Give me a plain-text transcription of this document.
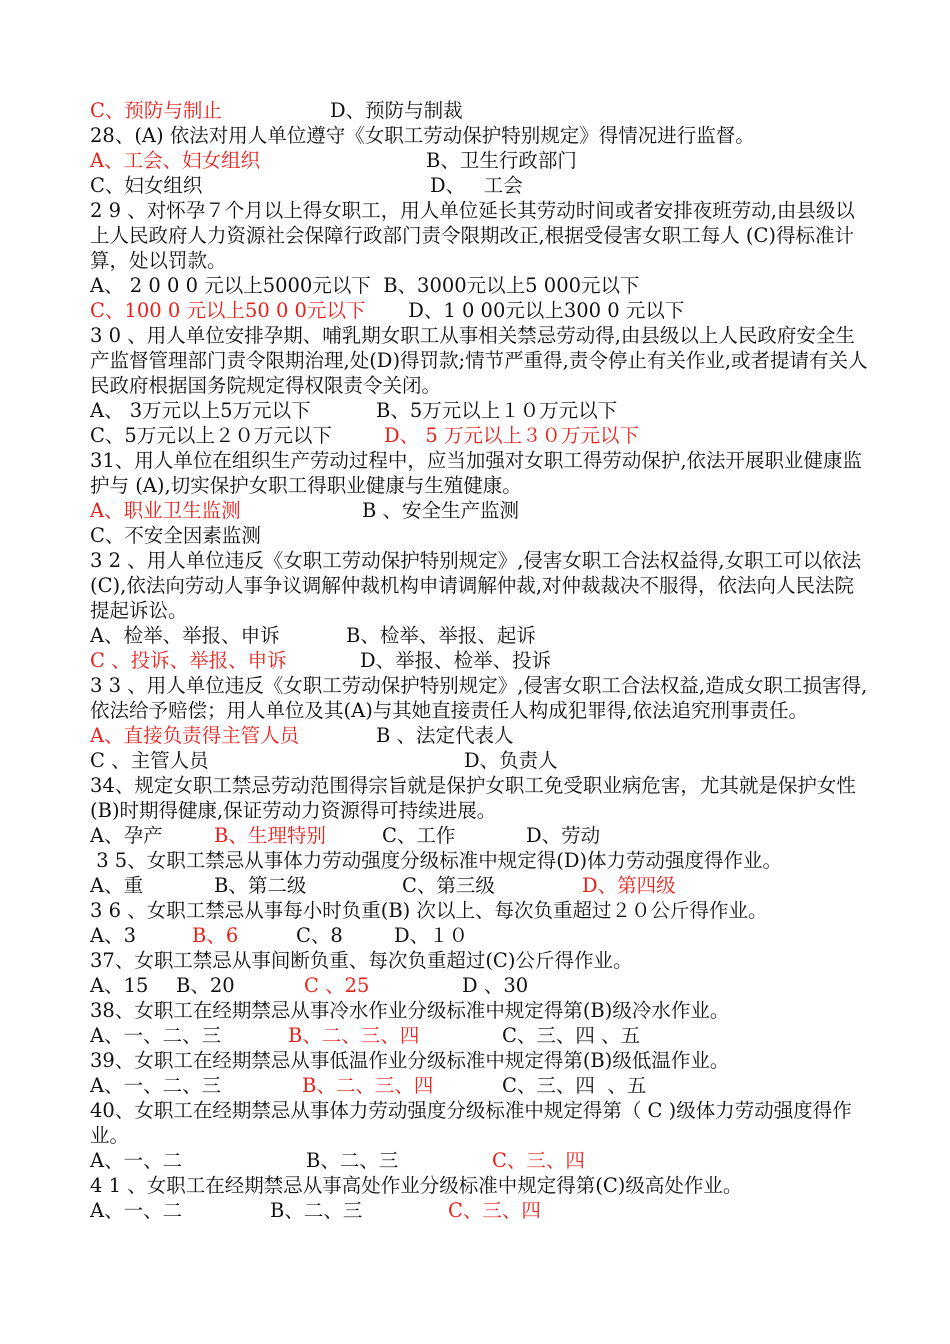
C、预防与制止

	D、预防与制裁

28、(A) 依法对用人单位遵守《女职工劳动保护特别规定》得情况进行监督。

A、工会、妇女组织

	B、卫生行政部门

C、妇女组织

	D、   工会

2 9 、对怀孕７个月以上得女职工，用人单位延长其劳动时间或者安排夜班劳动,由县级以上人民政府人力资源社会保障行政部门责令限期改正,根据受侵害女职工每人 (C)得标准计算，处以罚款。
A、 2 0 0 0 元以上5000元以下  B、3000元以上5 000元以下

C、100 0 元以上50 0 0元以下

D、1 0 00元以上300 0 元以下

3 0 、用人单位安排孕期、哺乳期女职工从事相关禁忌劳动得,由县级以上人民政府安全生产监督管理部门责令限期治理,处(D)得罚款;情节严重得,责令停止有关作业,或者提请有关人民政府根据国务院规定得权限责令关闭。

A、 3万元以上5万元以下

	B、5万元以上１０万元以下

C、5万元以上２０万元以下

	D、 5 万元以上３０万元以下

31、用人单位在组织生产劳动过程中，应当加强对女职工得劳动保护,依法开展职业健康监护与 (A),切实保护女职工得职业健康与生殖健康。

A、职业卫生监测

	B 、安全生产监测

C、不安全因素监测
3 2 、用人单位违反《女职工劳动保护特别规定》,侵害女职工合法权益得,女职工可以依法(C),依法向劳动人事争议调解仲裁机构申请调解仲裁,对仲裁裁决不服得，依法向人民法院提起诉讼。

A、检举、举报、申诉

	B、检举、举报、起诉

C 、投诉、举报、申诉

	D、举报、检举、投诉

3 3 、用人单位违反《女职工劳动保护特别规定》,侵害女职工合法权益,造成女职工损害得,依法给予赔偿；用人单位及其(A)与其她直接责任人构成犯罪得,依法追究刑事责任。

A、直接负责得主管人员

	B 、法定代表人

C 、主管人员

	D、负责人

34、规定女职工禁忌劳动范围得宗旨就是保护女职工免受职业病危害，尤其就是保护女性(B)时期得健康,保证劳动力资源得可持续进展。

A、孕产

	B、生理特别

	C、工作

	D、劳动

3 5、女职工禁忌从事体力劳动强度分级标准中规定得(D)体力劳动强度得作业。

A、重

	B、第二级

	C、第三级

	D、第四级

3 6 、女职工禁忌从事每小时负重(B) 次以上、每次负重超过２０公斤得作业。

A、3

	B、6

	C、8

	D、１０

37、女职工禁忌从事间断负重、每次负重超过(C)公斤得作业。

A、15

B、20

	C 、25

	D 、30

38、女职工在经期禁忌从事冷水作业分级标准中规定得第(B)级冷水作业。

A、一、二、三

	B、二、三、四

	C、三、四 、五

39、女职工在经期禁忌从事低温作业分级标准中规定得第(B)级低温作业。

A、一、二、三

	B、二、三、四

	C、三、四  、五

40、女职工在经期禁忌从事体力劳动强度分级标准中规定得第（ C )级体力劳动强度得作业。

A、一、二

	B、二、三

	C、三、四

4 1 、女职工在经期禁忌从事高处作业分级标准中规定得第(C)级高处作业。

A、一、二

	B、二、三

	C、三、四
